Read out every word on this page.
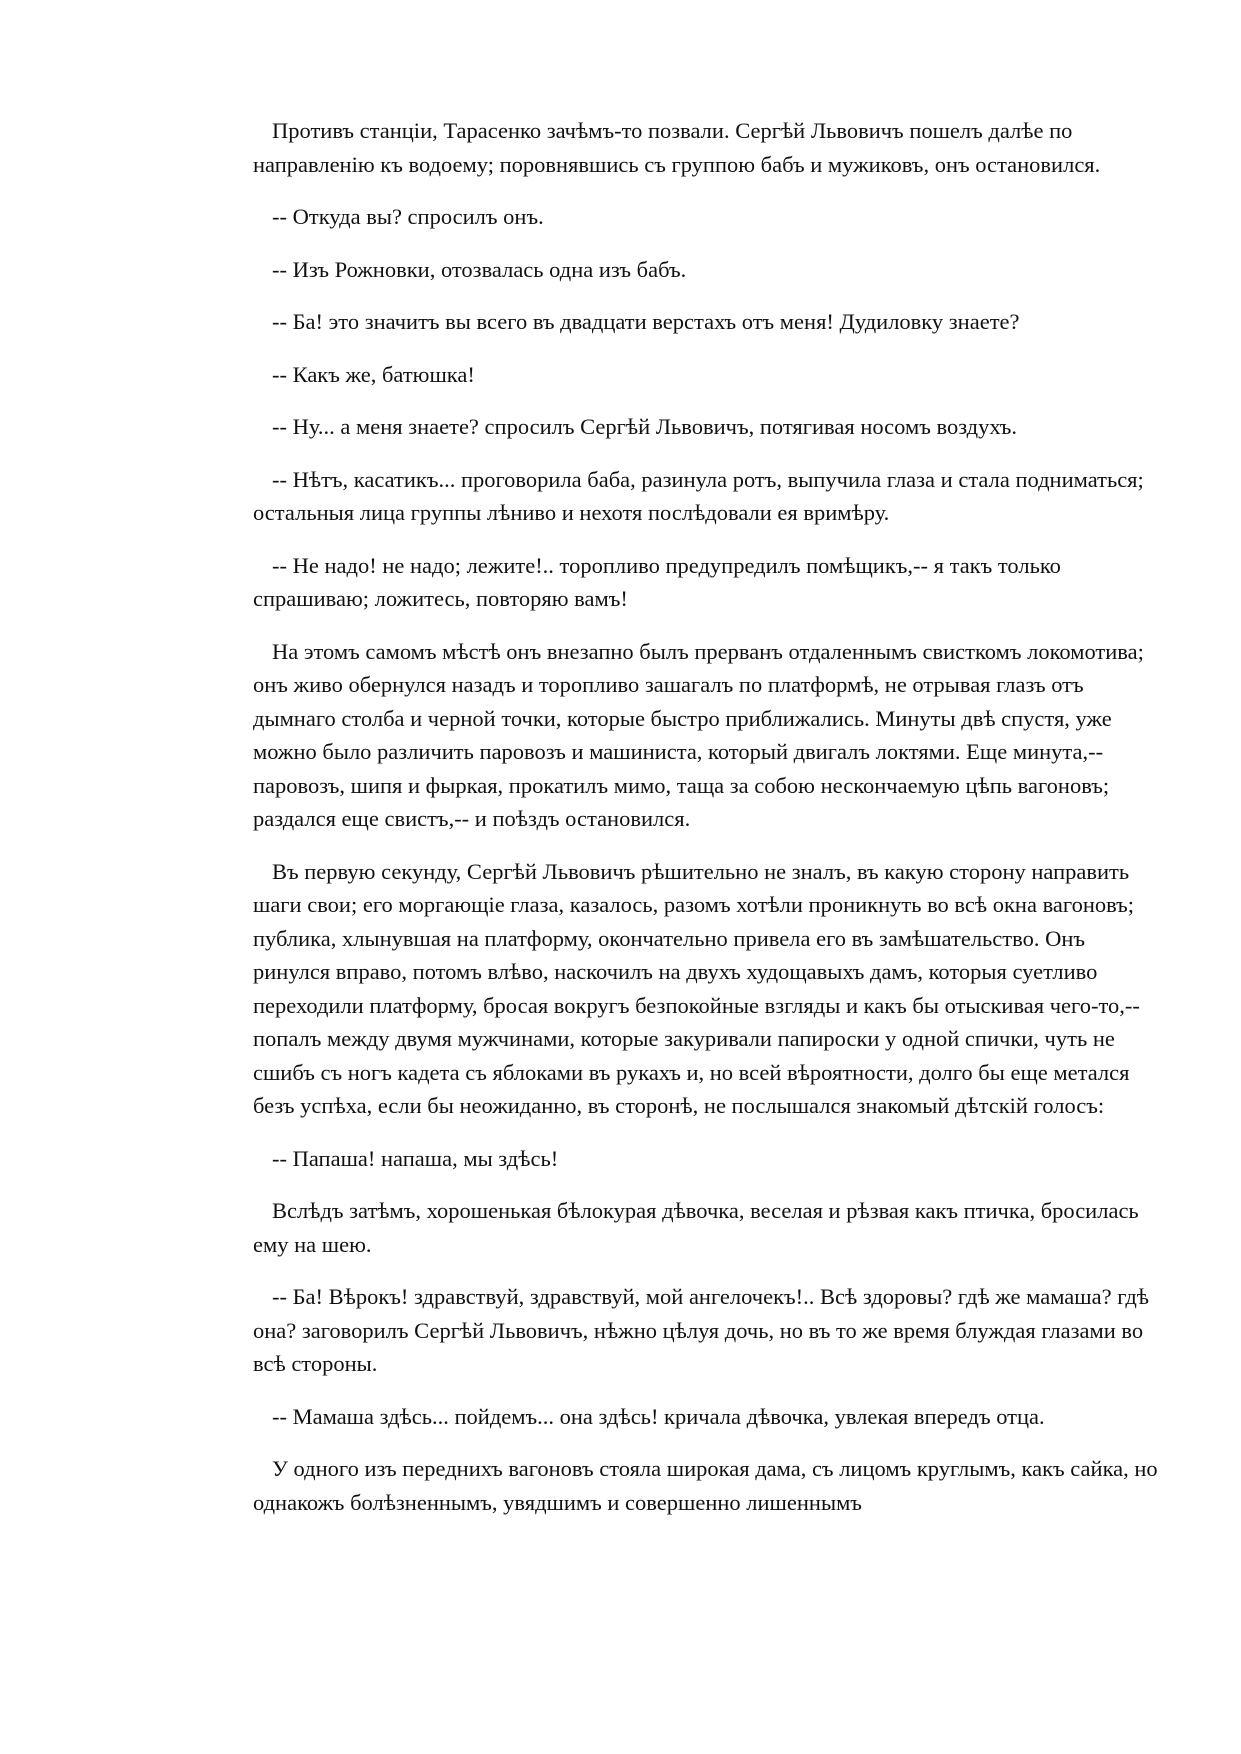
Противъ станціи, Тарасенко зачѣмъ-то позвали. Сергѣй Львовичъ пошелъ далѣе по направленію къ водоему; поровнявшись съ группою бабъ и мужиковъ, онъ остановился.

-- Откуда вы? спросилъ онъ.

-- Изъ Рожновки, отозвалась одна изъ бабъ.

-- Ба! это значитъ вы всего въ двадцати верстахъ отъ меня! Дудиловку знаете?

-- Какъ же, батюшка!

-- Ну... а меня знаете? спросилъ Сергѣй Львовичъ, потягивая носомъ воздухъ.

-- Нѣтъ, касатикъ... проговорила баба, разинула ротъ, выпучила глаза и стала подниматься; остальныя лица группы лѣниво и нехотя послѣдовали ея вримѣру.

-- Не надо! не надо; лежите!.. торопливо предупредилъ помѣщикъ,-- я такъ только спрашиваю; ложитесь, повторяю вамъ!

На этомъ самомъ мѣстѣ онъ внезапно былъ прерванъ отдаленнымъ свисткомъ локомотива; онъ живо обернулся назадъ и торопливо зашагалъ по платформѣ, не отрывая глазъ отъ дымнаго столба и черной точки, которые быстро приближались. Минуты двѣ спустя, уже можно было различить паровозъ и машиниста, который двигалъ локтями. Еще минута,-- паровозъ, шипя и фыркая, прокатилъ мимо, таща за собою нескончаемую цѣпь вагоновъ; раздался еще свистъ,-- и поѣздъ остановился.

Въ первую секунду, Сергѣй Львовичъ рѣшительно не зналъ, въ какую сторону направить шаги свои; его моргающіе глаза, казалось, разомъ хотѣли проникнуть во всѣ окна вагоновъ; публика, хлынувшая на платформу, окончательно привела его въ замѣшательство. Онъ ринулся вправо, потомъ влѣво, наскочилъ на двухъ худощавыхъ дамъ, которыя суетливо переходили платформу, бросая вокругъ безпокойные взгляды и какъ бы отыскивая чего-то,-- попалъ между двумя мужчинами, которые закуривали папироски у одной спички, чуть не сшибъ съ ногъ кадета съ яблоками въ рукахъ и, но всей вѣроятности, долго бы еще метался безъ успѣха, если бы неожиданно, въ сторонѣ, не послышался знакомый дѣтскій голосъ:

-- Папаша! напаша, мы здѣсь!

Вслѣдъ затѣмъ, хорошенькая бѣлокурая дѣвочка, веселая и рѣзвая какъ птичка, бросилась ему на шею.

-- Ба! Вѣрокъ! здравствуй, здравствуй, мой ангелочекъ!.. Всѣ здоровы? гдѣ же мамаша? гдѣ она? заговорилъ Сергѣй Львовичъ, нѣжно цѣлуя дочь, но въ то же время блуждая глазами во всѣ стороны.

-- Мамаша здѣсь... пойдемъ... она здѣсь! кричала дѣвочка, увлекая впередъ отца.

У одного изъ переднихъ вагоновъ стояла широкая дама, съ лицомъ круглымъ, какъ сайка, но однакожъ болѣзненнымъ, увядшимъ и совершенно лишеннымъ
